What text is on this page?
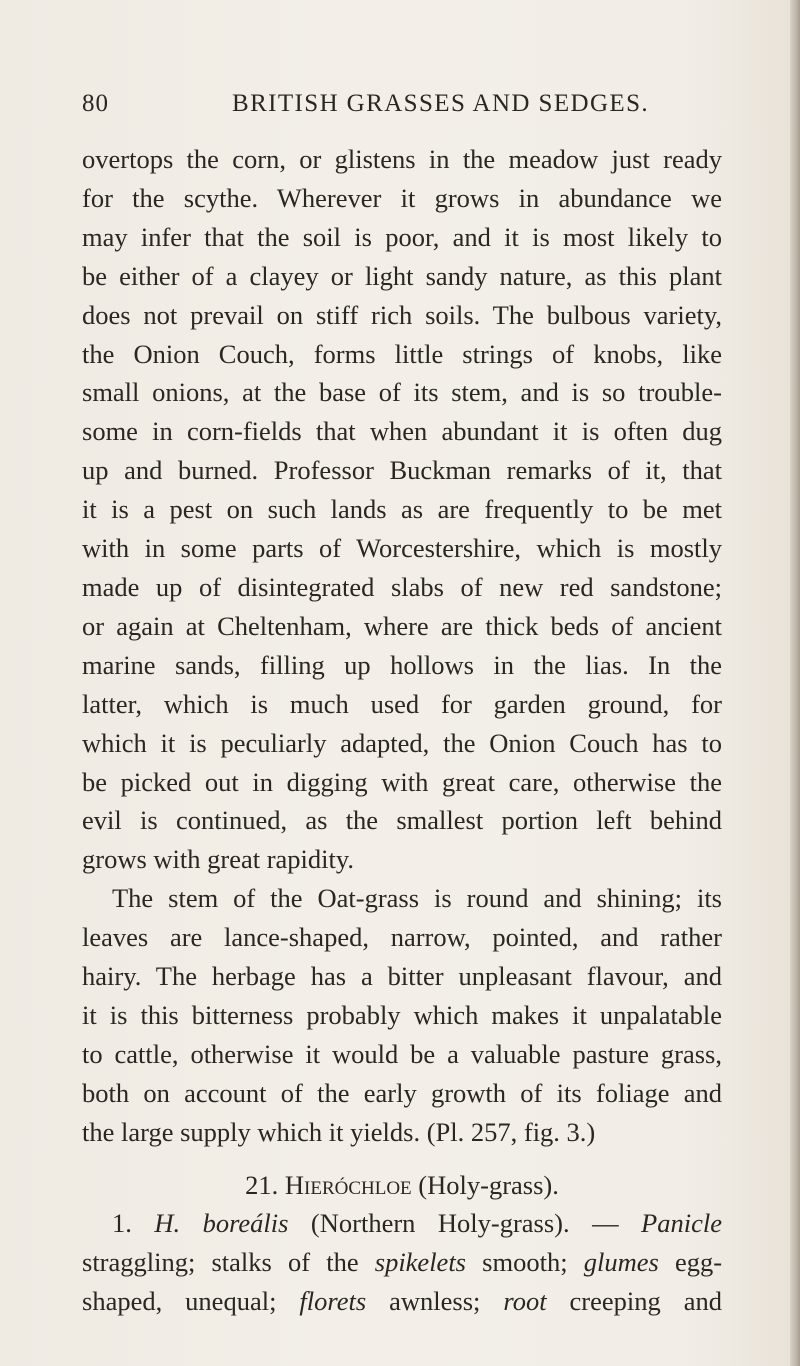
80	BRITISH GRASSES AND SEDGES.
overtops the corn, or glistens in the meadow just ready
for the scythe. Wherever it grows in abundance we
may infer that the soil is poor, and it is most likely to
be either of a clayey or light sandy nature, as this plant
does not prevail on stiff rich soils. The bulbous variety,
the Onion Couch, forms little strings of knobs, like
small onions, at the base of its stem, and is so trouble-
some in corn-fields that when abundant it is often dug
up and burned. Professor Buckman remarks of it, that
it is a pest on such lands as are frequently to be met
with in some parts of Worcestershire, which is mostly
made up of disintegrated slabs of new red sandstone;
or again at Cheltenham, where are thick beds of ancient
marine sands, filling up hollows in the lias. In the
latter, which is much used for garden ground, for
which it is peculiarly adapted, the Onion Couch has to
be picked out in digging with great care, otherwise the
evil is continued, as the smallest portion left behind
grows with great rapidity.
The stem of the Oat-grass is round and shining; its
leaves are lance-shaped, narrow, pointed, and rather
hairy. The herbage has a bitter unpleasant flavour, and
it is this bitterness probably which makes it unpalatable
to cattle, otherwise it would be a valuable pasture grass,
both on account of the early growth of its foliage and
the large supply which it yields. (Pl. 257, fig. 3.)
21. Hieróchloe (Holy-grass).
1. H. boreális (Northern Holy-grass). — Panicle
straggling; stalks of the spikelets smooth; glumes egg-
shaped, unequal; florets awnless; root creeping and
